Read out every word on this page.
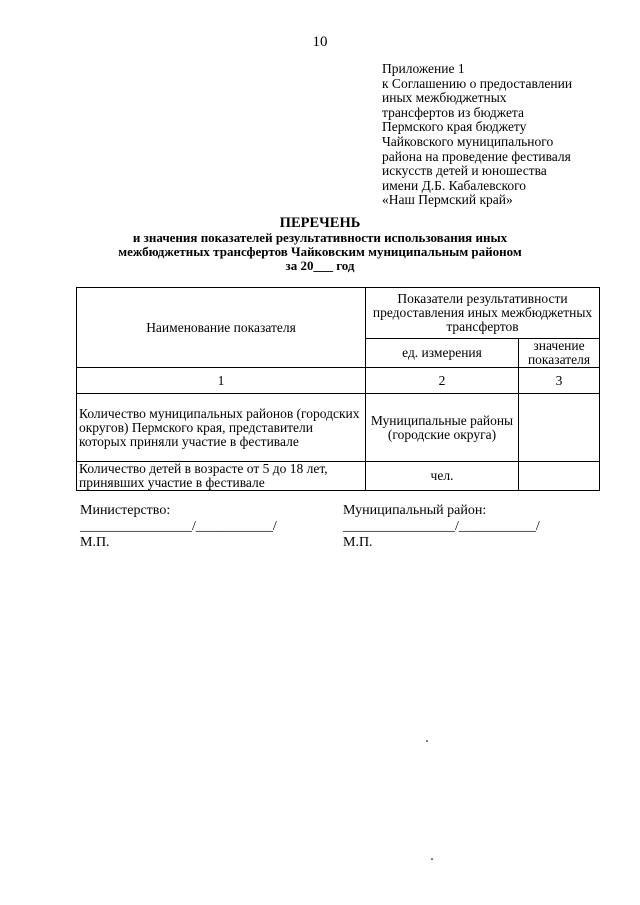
10
Приложение 1
к Соглашению о предоставлении
иных межбюджетных
трансфертов из бюджета
Пермского края бюджету
Чайковского муниципального
района на проведение фестиваля
искусств детей и юношества
имени Д.Б. Кабалевского
«Наш Пермский край»
ПЕРЕЧЕНЬ
и значения показателей результативности использования иных
межбюджетных трансфертов Чайковским муниципальным районом
за 20___ год
Наименование показателя	Показатели результативности предоставления иных межбюджетных трансфертов	
	ед. измерения	значение показателя
1	2	3
Количество муниципальных районов (городских округов) Пермского края, представители которых приняли участие в фестивале	Муниципальные районы (городские округа)	
Количество детей в возрасте от 5 до 18 лет, принявших участие в фестивале	чел.	
Министерство:
________________/___________/
М.П.
Муниципальный район:
________________/___________/
М.П.
